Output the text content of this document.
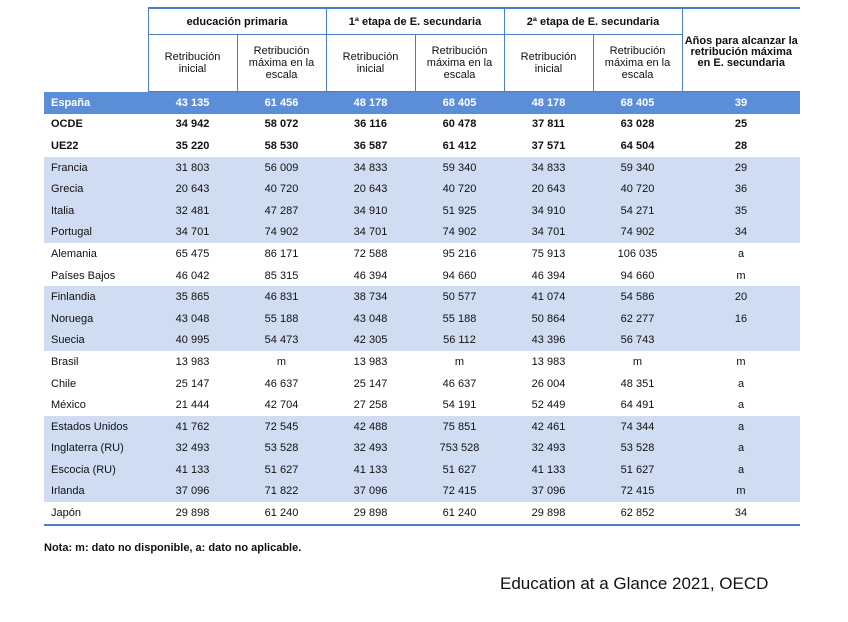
	educación primaria		1ª etapa de E. secundaria		2ª etapa de E. secundaria		Años para alcanzar la retribución máxima en E. secundaria
	Retribución inicial	Retribución máxima en la escala	Retribución inicial	Retribución máxima en la escala	Retribución inicial	Retribución máxima en la escala	
España	43 135	61 456	48 178	68 405	48 178	68 405	39
OCDE	34 942	58 072	36 116	60 478	37 811	63 028	25
UE22	35 220	58 530	36 587	61 412	37 571	64 504	28
Francia	31 803	56 009	34 833	59 340	34 833	59 340	29
Grecia	20 643	40 720	20 643	40 720	20 643	40 720	36
Italia	32 481	47 287	34 910	51 925	34 910	54 271	35
Portugal	34 701	74 902	34 701	74 902	34 701	74 902	34
Alemania	65 475	86 171	72 588	95 216	75 913	106 035	a
Países Bajos	46 042	85 315	46 394	94 660	46 394	94 660	m
Finlandia	35 865	46 831	38 734	50 577	41 074	54 586	20
Noruega	43 048	55 188	43 048	55 188	50 864	62 277	16
Suecia	40 995	54 473	42 305	56 112	43 396	56 743	
Brasil	13 983	m	13 983	m	13 983	m	m
Chile	25 147	46 637	25 147	46 637	26 004	48 351	a
México	21 444	42 704	27 258	54 191	52 449	64 491	a
Estados Unidos	41 762	72 545	42 488	75 851	42 461	74 344	a
Inglaterra (RU)	32 493	53 528	32 493	753 528	32 493	53 528	a
Escocia (RU)	41 133	51 627	41 133	51 627	41 133	51 627	a
Irlanda	37 096	71 822	37 096	72 415	37 096	72 415	m
Japón	29 898	61 240	29 898	61 240	29 898	62 852	34
Nota: m: dato no disponible, a: dato no aplicable.
Education at a Glance 2021, OECD
